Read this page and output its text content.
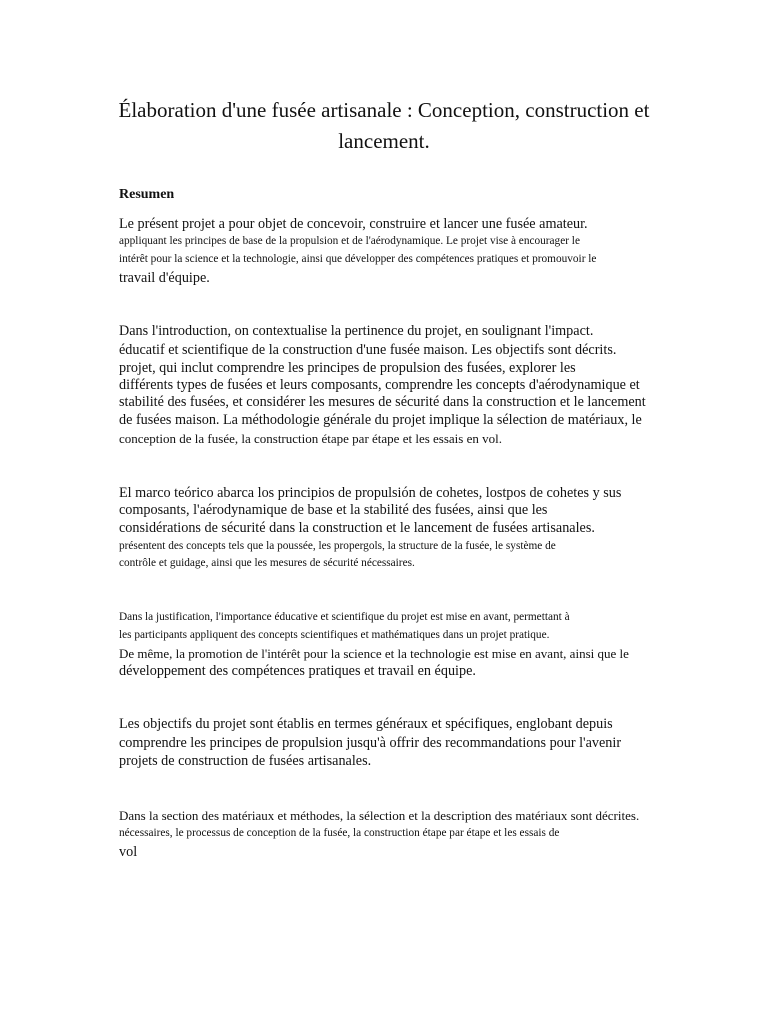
Élaboration d'une fusée artisanale : Conception, construction et

lancement.

Resumen

Le présent projet a pour objet de concevoir, construire et lancer une fusée amateur.

appliquant les principes de base de la propulsion et de l'aérodynamique. Le projet vise à encourager le

intérêt pour la science et la technologie, ainsi que développer des compétences pratiques et promouvoir le

travail d'équipe.

Dans l'introduction, on contextualise la pertinence du projet, en soulignant l'impact.

éducatif et scientifique de la construction d'une fusée maison. Les objectifs sont décrits.

projet, qui inclut comprendre les principes de propulsion des fusées, explorer les

différents types de fusées et leurs composants, comprendre les concepts d'aérodynamique et

stabilité des fusées, et considérer les mesures de sécurité dans la construction et le lancement

de fusées maison. La méthodologie générale du projet implique la sélection de matériaux, le

conception de la fusée, la construction étape par étape et les essais en vol.

El marco teórico abarca los principios de propulsión de cohetes, lostpos de cohetes y sus

composants, l'aérodynamique de base et la stabilité des fusées, ainsi que les

considérations de sécurité dans la construction et le lancement de fusées artisanales.

présentent des concepts tels que la poussée, les propergols, la structure de la fusée, le système de

contrôle et guidage, ainsi que les mesures de sécurité nécessaires.

Dans la justification, l'importance éducative et scientifique du projet est mise en avant, permettant à

les participants appliquent des concepts scientifiques et mathématiques dans un projet pratique.

De même, la promotion de l'intérêt pour la science et la technologie est mise en avant, ainsi que le

développement des compétences pratiques et travail en équipe.

Les objectifs du projet sont établis en termes généraux et spécifiques, englobant depuis

comprendre les principes de propulsion jusqu'à offrir des recommandations pour l'avenir

projets de construction de fusées artisanales.

Dans la section des matériaux et méthodes, la sélection et la description des matériaux sont décrites.

nécessaires, le processus de conception de la fusée, la construction étape par étape et les essais de

vol
